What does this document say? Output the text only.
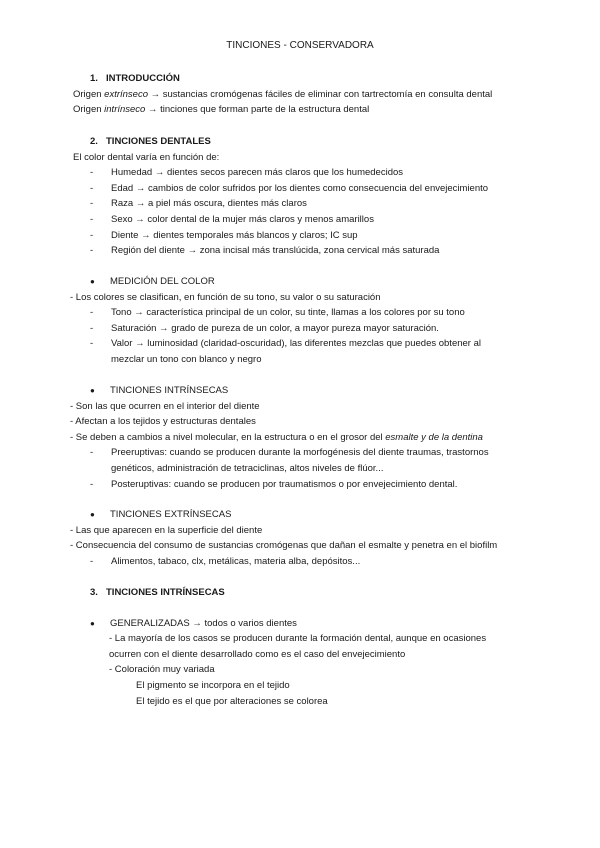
TINCIONES - CONSERVADORA
1. INTRODUCCIÓN
Origen extrínseco → sustancias cromógenas fáciles de eliminar con tartrectomía en consulta dental
Origen intrínseco → tinciones que forman parte de la estructura dental
2. TINCIONES DENTALES
El color dental varía en función de:
- Humedad → dientes secos parecen más claros que los humedecidos
- Edad → cambios de color sufridos por los dientes como consecuencia del envejecimiento
- Raza → a piel más oscura, dientes más claros
- Sexo → color dental de la mujer más claros y menos amarillos
- Diente → dientes temporales más blancos y claros; IC sup
- Región del diente → zona incisal más translúcida, zona cervical más saturada
● MEDICIÓN DEL COLOR
- Los colores se clasifican, en función de su tono, su valor o su saturación
- Tono → característica principal de un color, su tinte, llamas a los colores por su tono
- Saturación → grado de pureza de un color, a mayor pureza mayor saturación.
- Valor → luminosidad (claridad-oscuridad), las diferentes mezclas que puedes obtener al mezclar un tono con blanco y negro
● TINCIONES INTRÍNSECAS
- Son las que ocurren en el interior del diente
- Afectan a los tejidos y estructuras dentales
- Se deben a cambios a nivel molecular, en la estructura o en el grosor del esmalte y de la dentina
- Preeruptivas: cuando se producen durante la morfogénesis del diente traumas, trastornos genéticos, administración de tetraciclinas, altos niveles de flúor...
- Posteruptivas: cuando se producen por traumatismos o por envejecimiento dental.
● TINCIONES EXTRÍNSECAS
- Las que aparecen en la superficie del diente
- Consecuencia del consumo de sustancias cromógenas que dañan el esmalte y penetra en el biofilm
- Alimentos, tabaco, clx, metálicas, materia alba, depósitos...
3. TINCIONES INTRÍNSECAS
● GENERALIZADAS → todos o varios dientes
- La mayoría de los casos se producen durante la formación dental, aunque en ocasiones ocurren con el diente desarrollado como es el caso del envejecimiento
- Coloración muy variada
El pigmento se incorpora en el tejido
El tejido es el que por alteraciones se colorea
